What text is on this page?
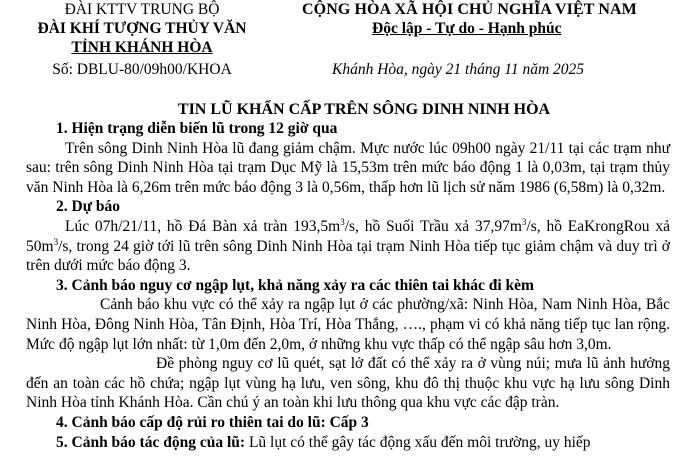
ĐÀI KTTV TRUNG BỘ
ĐÀI KHÍ TƯỢNG THỦY VĂN
TỈNH KHÁNH HÒA
Số: DBLU-80/09h00/KHOA
CỘNG HÒA XÃ HỘI CHỦ NGHĨA VIỆT NAM
Độc lập - Tự do - Hạnh phúc
Khánh Hòa, ngày 21 tháng 11 năm 2025
TIN LŨ KHẨN CẤP TRÊN SÔNG DINH NINH HÒA

1. Hiện trạng diễn biến lũ trong 12 giờ qua

Trên sông Dinh Ninh Hòa lũ đang giảm chậm. Mực nước lúc 09h00 ngày 21/11 tại các trạm như sau: trên sông Dinh Ninh Hòa tại trạm Dục Mỹ là 15,53m trên mức báo động 1 là 0,03m, tại trạm thủy văn Ninh Hòa là 6,26m trên mức báo động 3 là 0,56m, thấp hơn lũ lịch sử năm 1986 (6,58m) là 0,32m.

2. Dự báo

Lúc 07h/21/11, hồ Đá Bàn xả tràn $193,5m^3/s$, hồ Suối Trầu xả $37,97m^3/s$, hồ EaKrongRou xả $50m^3/s$, trong 24 giờ tới lũ trên sông Dinh Ninh Hòa tại trạm Ninh Hòa tiếp tục giảm chậm và duy trì ở trên dưới mức báo động 3.

3. Cảnh báo nguy cơ ngập lụt, khả năng xảy ra các thiên tai khác đi kèm

Cảnh báo khu vực có thể xảy ra ngập lụt ở các phường/xã: Ninh Hòa, Nam Ninh Hòa, Bắc Ninh Hòa, Đông Ninh Hòa, Tân Định, Hòa Trí, Hòa Thắng, …., phạm vi có khả năng tiếp tục lan rộng. Mức độ ngập lụt lớn nhất: từ 1,0m đến 2,0m, ở những khu vực thấp có thể ngập sâu hơn 3,0m.

Đề phòng nguy cơ lũ quét, sạt lở đất có thể xảy ra ở vùng núi; mưa lũ ảnh hưởng đến an toàn các hồ chứa; ngập lụt vùng hạ lưu, ven sông, khu đô thị thuộc khu vực hạ lưu sông Dinh Ninh Hòa tỉnh Khánh Hòa. Cần chú ý an toàn khi lưu thông qua khu vực các đập tràn.

4. Cảnh báo cấp độ rủi ro thiên tai do lũ: Cấp 3

5. Cảnh báo tác động của lũ: Lũ lụt có thể gây tác động xấu đến môi trường, uy hiếp
